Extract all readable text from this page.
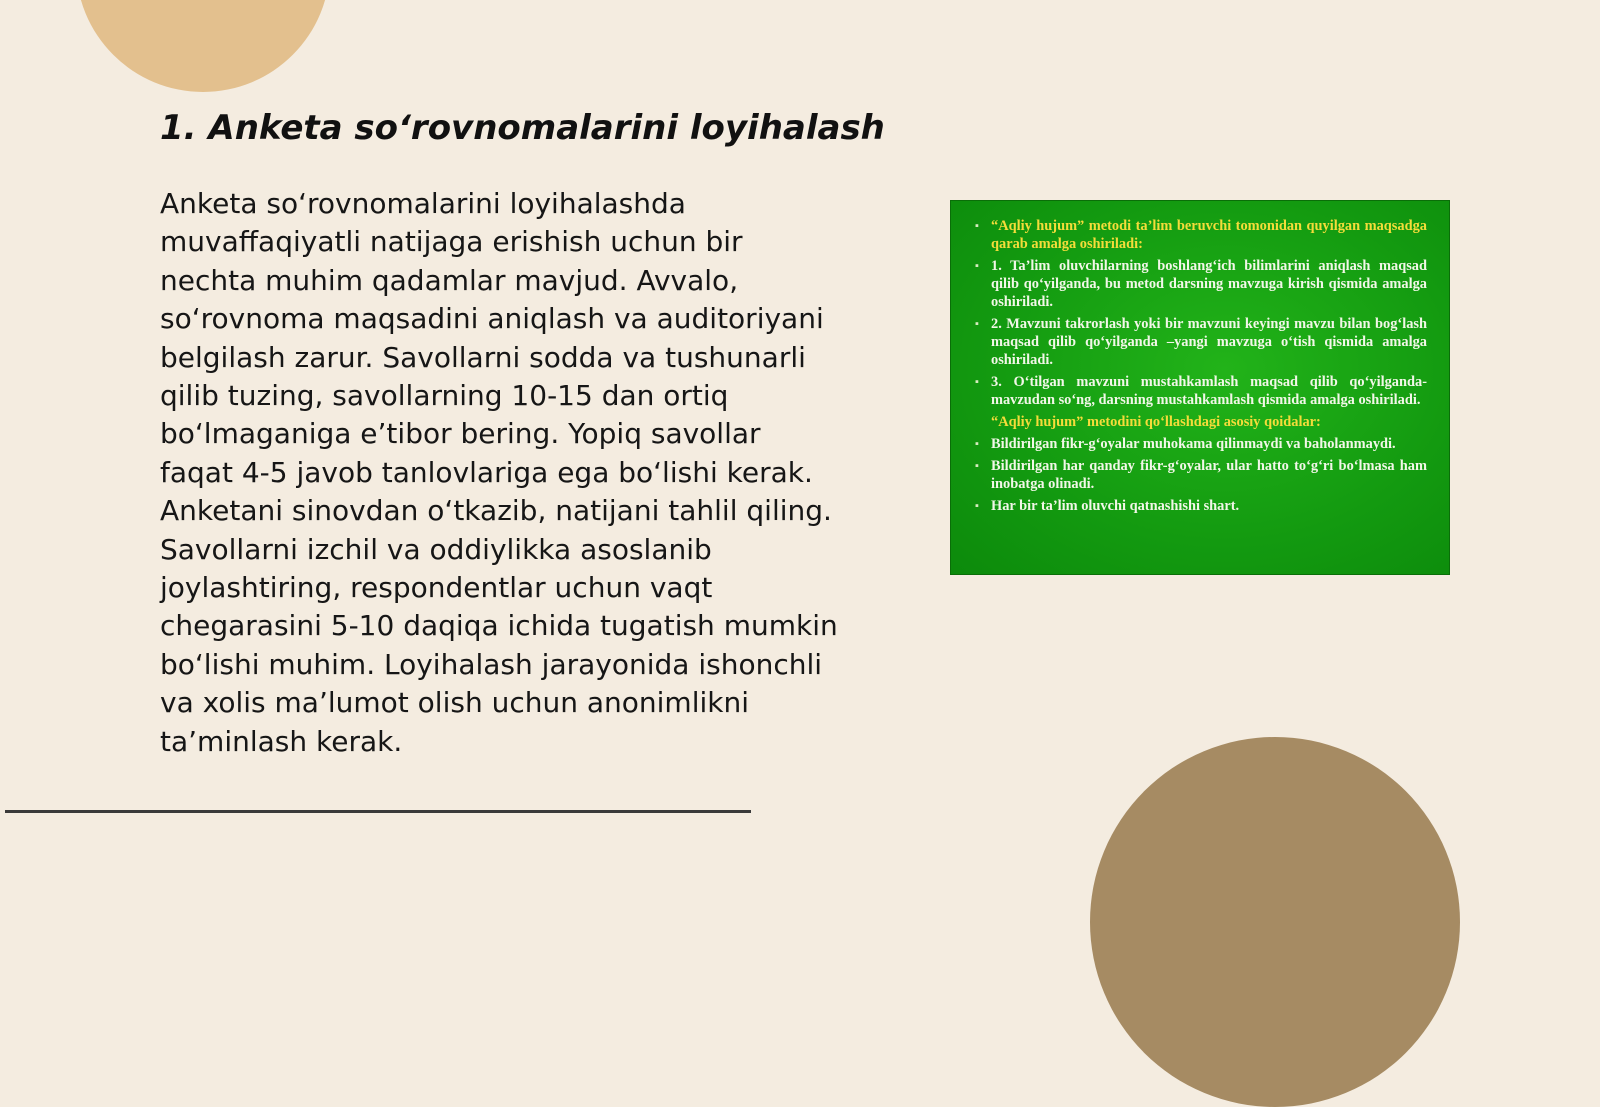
1. Anketa so‘rovnomalarini loyihalash

Anketa so‘rovnomalarini loyihalashda muvaffaqiyatli natijaga erishish uchun bir nechta muhim qadamlar mavjud. Avvalo, so‘rovnoma maqsadini aniqlash va auditoriyani belgilash zarur. Savollarni sodda va tushunarli qilib tuzing, savollarning 10-15 dan ortiq bo‘lmaganiga e’tibor bering. Yopiq savollar faqat 4-5 javob tanlovlariga ega bo‘lishi kerak. Anketani sinovdan o‘tkazib, natijani tahlil qiling. Savollarni izchil va oddiylikka asoslanib joylashtiring, respondentlar uchun vaqt chegarasini 5-10 daqiqa ichida tugatish mumkin bo‘lishi muhim. Loyihalash jarayonida ishonchli va xolis ma’lumot olish uchun anonimlikni ta’minlash kerak.

▪ “Aqliy hujum” metodi ta’lim beruvchi tomonidan quyilgan maqsadga qarab amalga oshiriladi:
▪ 1. Ta’lim oluvchilarning boshlang‘ich bilimlarini aniqlash maqsad qilib qo‘yilganda, bu metod darsning mavzuga kirish qismida amalga oshiriladi.
▪ 2. Mavzuni takrorlash yoki bir mavzuni keyingi mavzu bilan bog‘lash maqsad qilib qo‘yilganda –yangi mavzuga o‘tish qismida amalga oshiriladi.
▪ 3. O‘tilgan mavzuni mustahkamlash maqsad qilib qo‘yilganda-mavzudan so‘ng, darsning mustahkamlash qismida amalga oshiriladi.
“Aqliy hujum” metodini qo‘llashdagi asosiy qoidalar:
▪ Bildirilgan fikr-g‘oyalar muhokama qilinmaydi va baholanmaydi.
▪ Bildirilgan har qanday fikr-g‘oyalar, ular hatto to‘g‘ri bo‘lmasa ham inobatga olinadi.
▪ Har bir ta’lim oluvchi qatnashishi shart.
